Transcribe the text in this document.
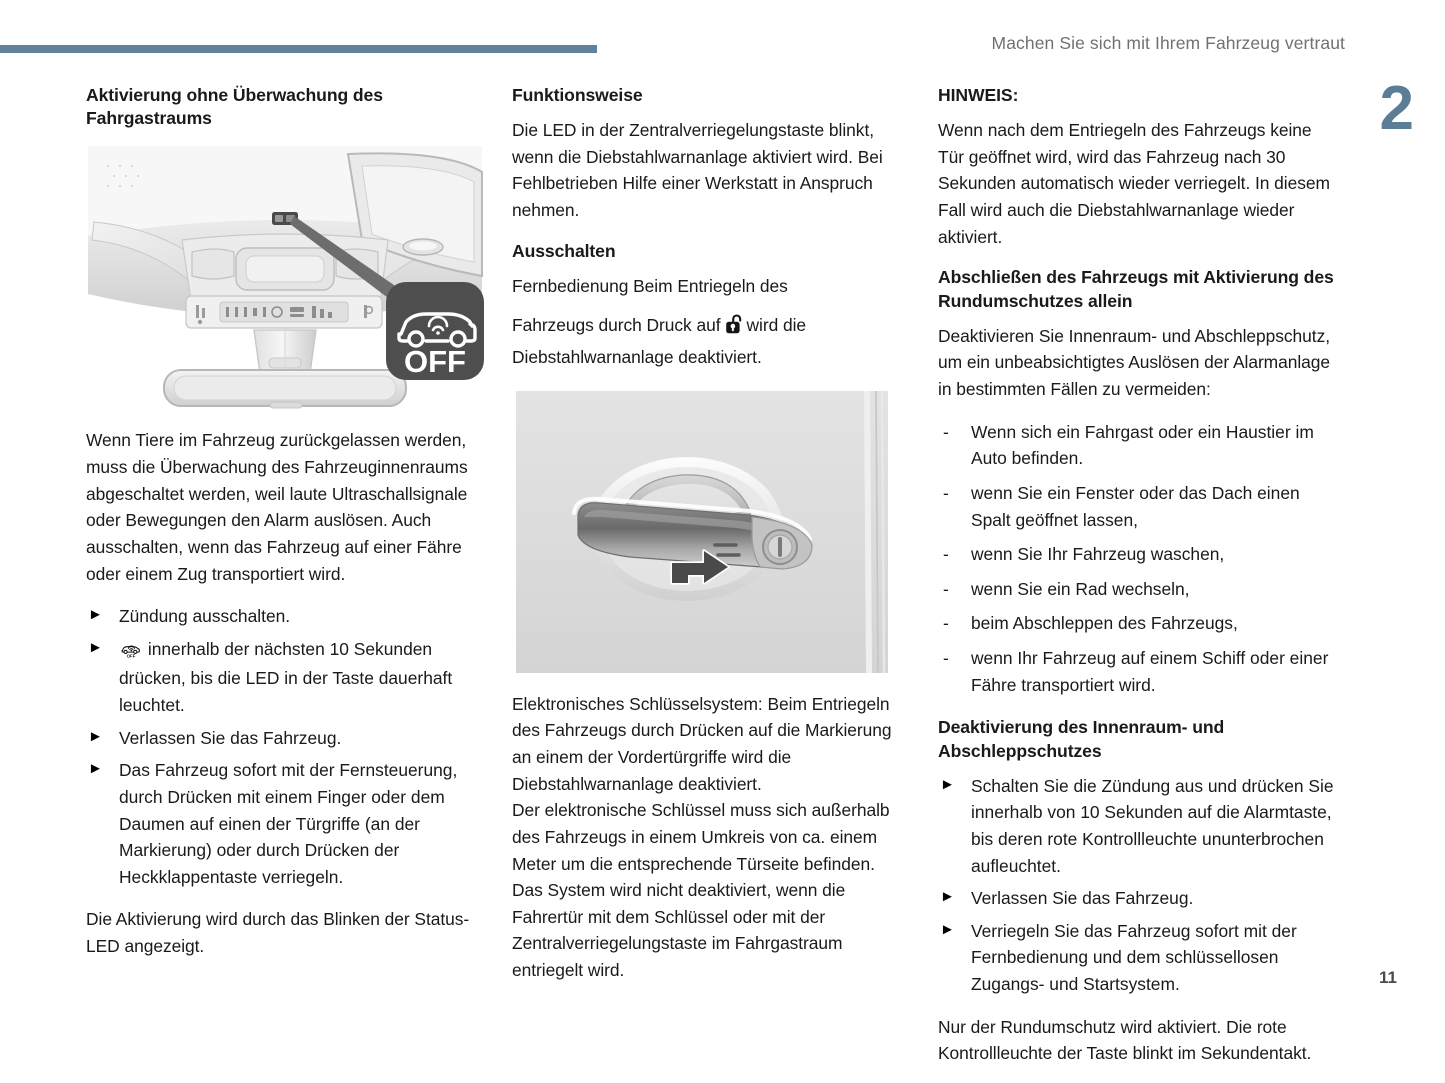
Machen Sie sich mit Ihrem Fahrzeug vertraut
2
11
Aktivierung ohne Überwachung des Fahrgastraums
OFF

Wenn Tiere im Fahrzeug zurückgelassen werden, muss die Überwachung des Fahrzeuginnenraums abgeschaltet werden, weil laute Ultraschallsignale oder Bewegungen den Alarm auslösen. Auch ausschalten, wenn das Fahrzeug auf einer Fähre oder einem Zug transportiert wird.

► Zündung ausschalten.
►	OFF innerhalb der nächsten 10 Sekunden drücken, bis die LED in der Taste dauerhaft leuchtet.
► Verlassen Sie das Fahrzeug.
► Das Fahrzeug sofort mit der Fernsteuerung, durch Drücken mit einem Finger oder dem Daumen auf einen der Türgriffe (an der Markierung) oder durch Drücken der Heckklappentaste verriegeln.

Die Aktivierung wird durch das Blinken der Status-LED angezeigt.

Funktionsweise

Die LED in der Zentralverriegelungstaste blinkt, wenn die Diebstahlwarnanlage aktiviert wird. Bei Fehlbetrieben Hilfe einer Werkstatt in Anspruch nehmen.

Ausschalten

Fernbedienung Beim Entriegeln des

Fahrzeugs durch Druck auf wird die Diebstahlwarnanlage deaktiviert.

Elektronisches Schlüsselsystem: Beim Entriegeln des Fahrzeugs durch Drücken auf die Markierung an einem der Vordertürgriffe wird die Diebstahlwarnanlage deaktiviert.

Der elektronische Schlüssel muss sich außerhalb des Fahrzeugs in einem Umkreis von ca. einem Meter um die entsprechende Türseite befinden.

Das System wird nicht deaktiviert, wenn die Fahrertür mit dem Schlüssel oder mit der Zentralverriegelungstaste im Fahrgastraum entriegelt wird.

HINWEIS:

Wenn nach dem Entriegeln des Fahrzeugs keine Tür geöffnet wird, wird das Fahrzeug nach 30 Sekunden automatisch wieder verriegelt. In diesem Fall wird auch die Diebstahlwarnanlage wieder aktiviert.

Abschließen des Fahrzeugs mit Aktivierung des Rundumschutzes allein

Deaktivieren Sie Innenraum- und Abschleppschutz, um ein unbeabsichtigtes Auslösen der Alarmanlage in bestimmten Fällen zu vermeiden:

- Wenn sich ein Fahrgast oder ein Haustier im Auto befinden.
- wenn Sie ein Fenster oder das Dach einen Spalt geöffnet lassen,
- wenn Sie Ihr Fahrzeug waschen,
- wenn Sie ein Rad wechseln,
- beim Abschleppen des Fahrzeugs,
- wenn Ihr Fahrzeug auf einem Schiff oder einer Fähre transportiert wird.
Deaktivierung des Innenraum- und Abschleppschutzes
► Schalten Sie die Zündung aus und drücken Sie innerhalb von 10 Sekunden auf die Alarmtaste, bis deren rote Kontrollleuchte ununterbrochen aufleuchtet.
► Verlassen Sie das Fahrzeug.
► Verriegeln Sie das Fahrzeug sofort mit der Fernbedienung und dem schlüssellosen Zugangs- und Startsystem.

Nur der Rundumschutz wird aktiviert. Die rote Kontrollleuchte der Taste blinkt im Sekundentakt.
